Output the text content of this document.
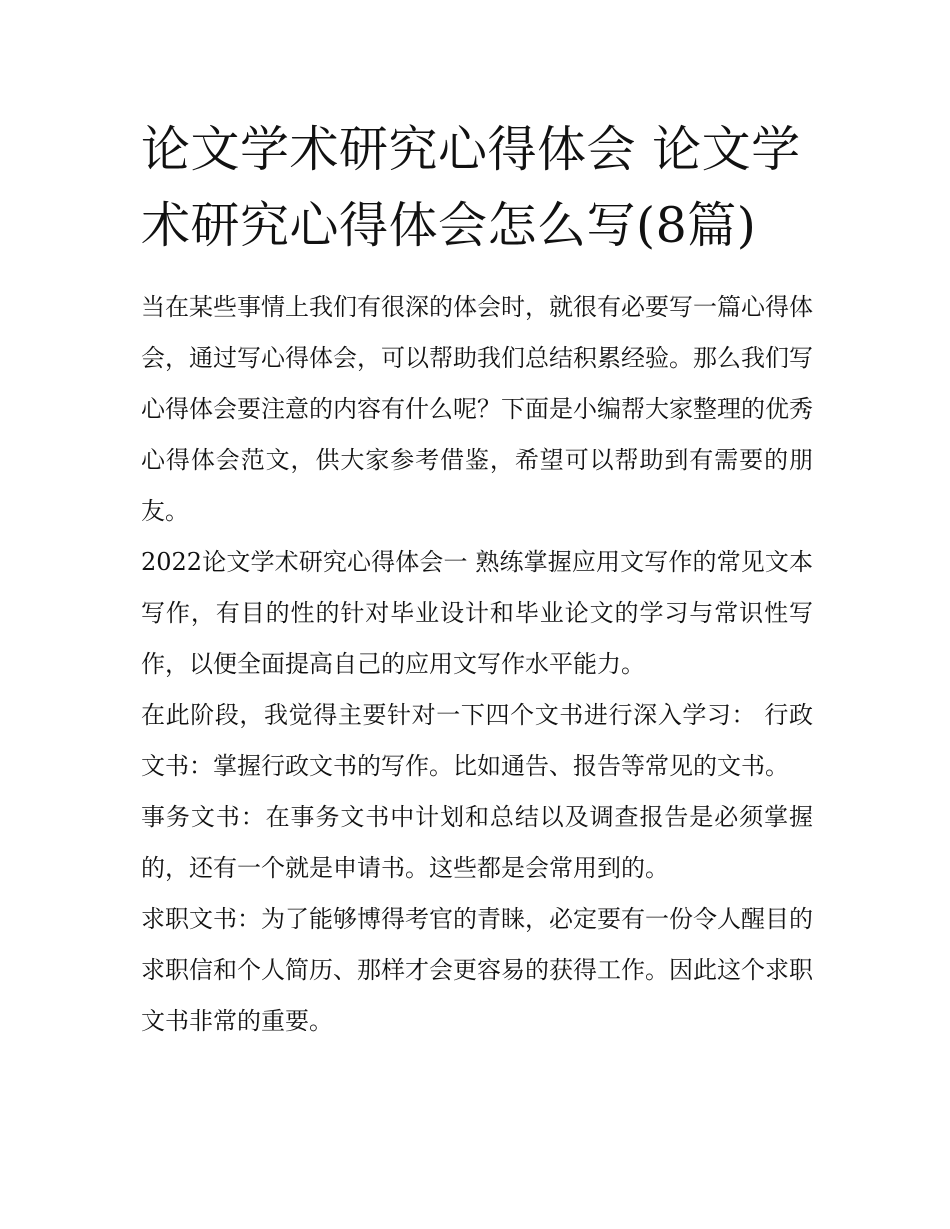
论文学术研究心得体会 论文学术研究心得体会怎么写(8篇)

当在某些事情上我们有很深的体会时，就很有必要写一篇心得体会，通过写心得体会，可以帮助我们总结积累经验。那么我们写心得体会要注意的内容有什么呢？下面是小编帮大家整理的优秀心得体会范文，供大家参考借鉴，希望可以帮助到有需要的朋友。

2022论文学术研究心得体会一 熟练掌握应用文写作的常见文本写作，有目的性的针对毕业设计和毕业论文的学习与常识性写作，以便全面提高自己的应用文写作水平能力。

在此阶段，我觉得主要针对一下四个文书进行深入学习： 行政文书：掌握行政文书的写作。比如通告、报告等常见的文书。

事务文书：在事务文书中计划和总结以及调查报告是必须掌握的，还有一个就是申请书。这些都是会常用到的。

求职文书：为了能够博得考官的青睐，必定要有一份令人醒目的求职信和个人简历、那样才会更容易的获得工作。因此这个求职文书非常的重要。
